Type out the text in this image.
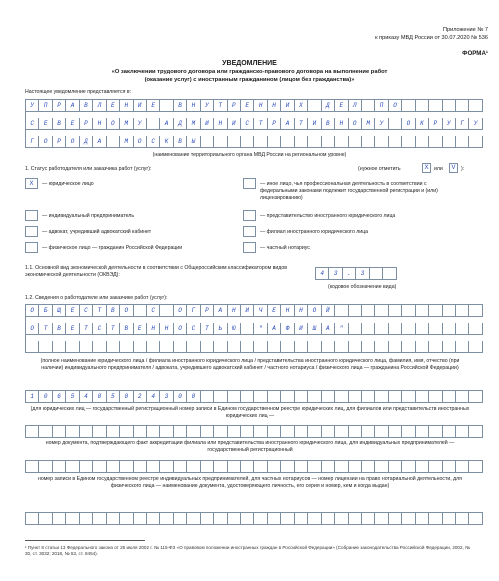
Приложение № 7
к приказу МВД России от 30.07.2020 № 536
ФОРМА¹
УВЕДОМЛЕНИЕ
«О заключении трудового договора или гражданско-правового договора на выполнение работ
(оказание услуг) с иностранным гражданином (лицом без гражданства)»
Настоящее уведомление представляется в:
У	П	Р	А	В	Л	Е	Н	И	Е	В	Н	У	Т	Р	Е	Н	Н	И	Х	Д	Е	Л	П	О
С	Е	В	Е	Р	Н	О	М	У	А	Д	М	И	Н	И	С	Т	Р	А	Т	И	В	Н	О	М	У	О	К	Р	У	Г	У
Г	О	Р	О	Д	А	М	О	С	К	В	Ы
(наименование территориального органа МВД России на региональном уровне)
1. Статус работодателя или заказчика работ (услуг):	(нужное отметить	X	или	V	):
X	— юридическое лицо
— индивидуальный предприниматель
— адвокат, учредивший адвокатский кабинет
— физическое лицо — гражданин Российской Федерации
— иное лицо, чья профессиональная деятельность в соответствии с федеральными законами подлежит государственной регистрации и (или) лицензированию)
— представительство иностранного юридического лица
— филиал иностранного юридического лица
— частный нотариус
1.1. Основной вид экономической деятельности в соответствии с Общероссийским классификатором видов экономической деятельности (ОКВЭД):	4	3	.	3
(кодовое обозначение вида)
1.2. Сведения о работодателе или заказчике работ (услуг):
О	Б	Щ	Е	С	Т	В	О	С	О	Г	Р	А	Н	И	Ч	Е	Н	Н	О	Й
О	Т	В	Е	Т	С	Т	В	Е	Н	Н	О	С	Т	Ь	Ю	"	А	Ф	И	Ш	А	"
(полное наименование юридического лица / филиала иностранного юридического лица / представительства иностранного юридического лица, фамилия, имя, отчество (при наличии) индивидуального предпринимателя / адвоката, учредившего адвокатский кабинет / частного нотариуса / физического лица — гражданина Российской Федерации)
1	0	6	5	4	0	5	0	2	4	3	0	0
(для юридических лиц — государственный регистрационный номер записи в Едином государственном реестре юридических лиц, для филиалов или представительств иностранных юридических лиц —
номер документа, подтверждающего факт аккредитации филиала или представительства иностранного юридического лица, для индивидуальных предпринимателей — государственный регистрационный
номер записи в Едином государственном реестре индивидуальных предпринимателей, для частных нотариусов — номер лицензии на право нотариальной деятельности, для физического лица — наименование документа, удостоверяющего личность, его серия и номер, кем и когда выдан)
¹ Пункт 8 статьи 13 Федерального закона от 25 июля 2002 г. № 115-ФЗ «О правовом положении иностранных граждан в Российской Федерации» (Собрание законодательства Российской Федерации, 2002, № 30, ст. 3032; 2018, № 53, ст. 8454).
